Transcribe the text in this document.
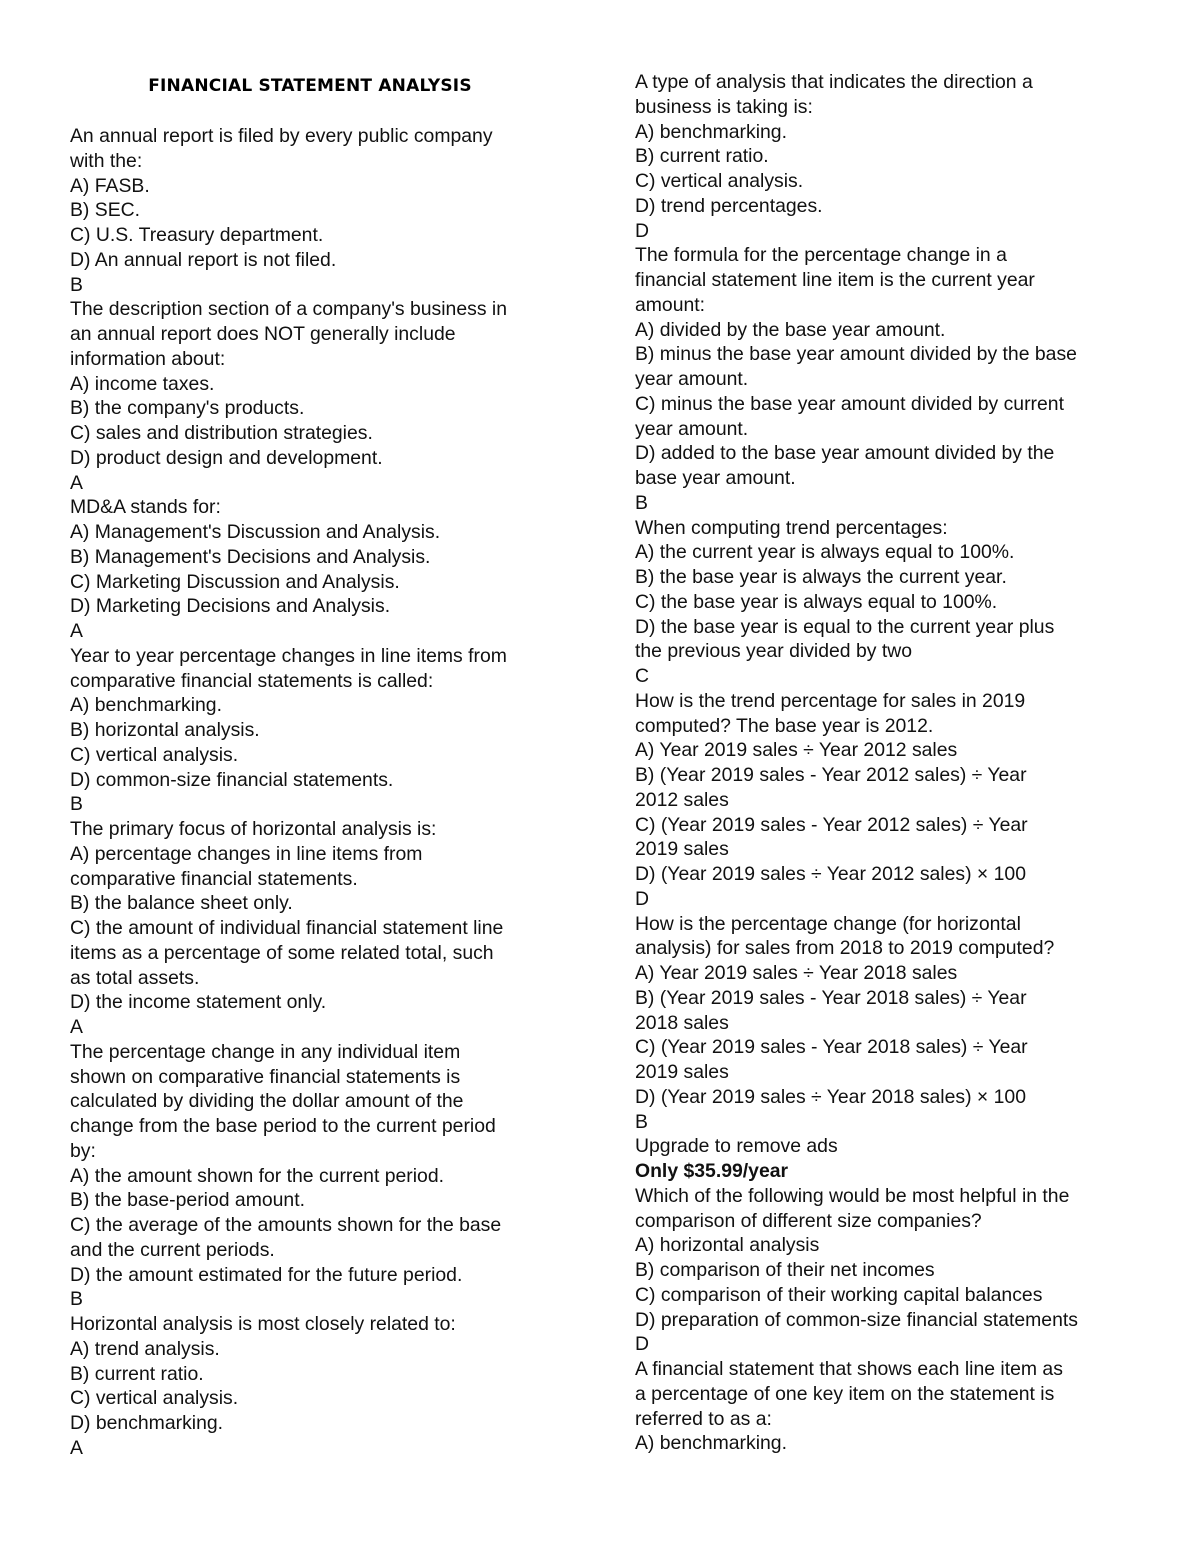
FINANCIAL STATEMENT ANALYSIS
An annual report is filed by every public company
with the:
A) FASB.
B) SEC.
C) U.S. Treasury department.
D) An annual report is not filed.
B
The description section of a company's business in
an annual report does NOT generally include
information about:
A) income taxes.
B) the company's products.
C) sales and distribution strategies.
D) product design and development.
A
MD&A stands for:
A) Management's Discussion and Analysis.
B) Management's Decisions and Analysis.
C) Marketing Discussion and Analysis.
D) Marketing Decisions and Analysis.
A
Year to year percentage changes in line items from
comparative financial statements is called:
A) benchmarking.
B) horizontal analysis.
C) vertical analysis.
D) common-size financial statements.
B
The primary focus of horizontal analysis is:
A) percentage changes in line items from
comparative financial statements.
B) the balance sheet only.
C) the amount of individual financial statement line
items as a percentage of some related total, such
as total assets.
D) the income statement only.
A
The percentage change in any individual item
shown on comparative financial statements is
calculated by dividing the dollar amount of the
change from the base period to the current period
by:
A) the amount shown for the current period.
B) the base-period amount.
C) the average of the amounts shown for the base
and the current periods.
D) the amount estimated for the future period.
B
Horizontal analysis is most closely related to:
A) trend analysis.
B) current ratio.
C) vertical analysis.
D) benchmarking.
A
A type of analysis that indicates the direction a
business is taking is:
A) benchmarking.
B) current ratio.
C) vertical analysis.
D) trend percentages.
D
The formula for the percentage change in a
financial statement line item is the current year
amount:
A) divided by the base year amount.
B) minus the base year amount divided by the base
year amount.
C) minus the base year amount divided by current
year amount.
D) added to the base year amount divided by the
base year amount.
B
When computing trend percentages:
A) the current year is always equal to 100%.
B) the base year is always the current year.
C) the base year is always equal to 100%.
D) the base year is equal to the current year plus
the previous year divided by two
C
How is the trend percentage for sales in 2019
computed? The base year is 2012.
A) Year 2019 sales ÷ Year 2012 sales
B) (Year 2019 sales - Year 2012 sales) ÷ Year
2012 sales
C) (Year 2019 sales - Year 2012 sales) ÷ Year
2019 sales
D) (Year 2019 sales ÷ Year 2012 sales) × 100
D
How is the percentage change (for horizontal
analysis) for sales from 2018 to 2019 computed?
A) Year 2019 sales ÷ Year 2018 sales
B) (Year 2019 sales - Year 2018 sales) ÷ Year
2018 sales
C) (Year 2019 sales - Year 2018 sales) ÷ Year
2019 sales
D) (Year 2019 sales ÷ Year 2018 sales) × 100
B
Upgrade to remove ads
Only $35.99/year
Which of the following would be most helpful in the
comparison of different size companies?
A) horizontal analysis
B) comparison of their net incomes
C) comparison of their working capital balances
D) preparation of common-size financial statements
D
A financial statement that shows each line item as
a percentage of one key item on the statement is
referred to as a:
A) benchmarking.
